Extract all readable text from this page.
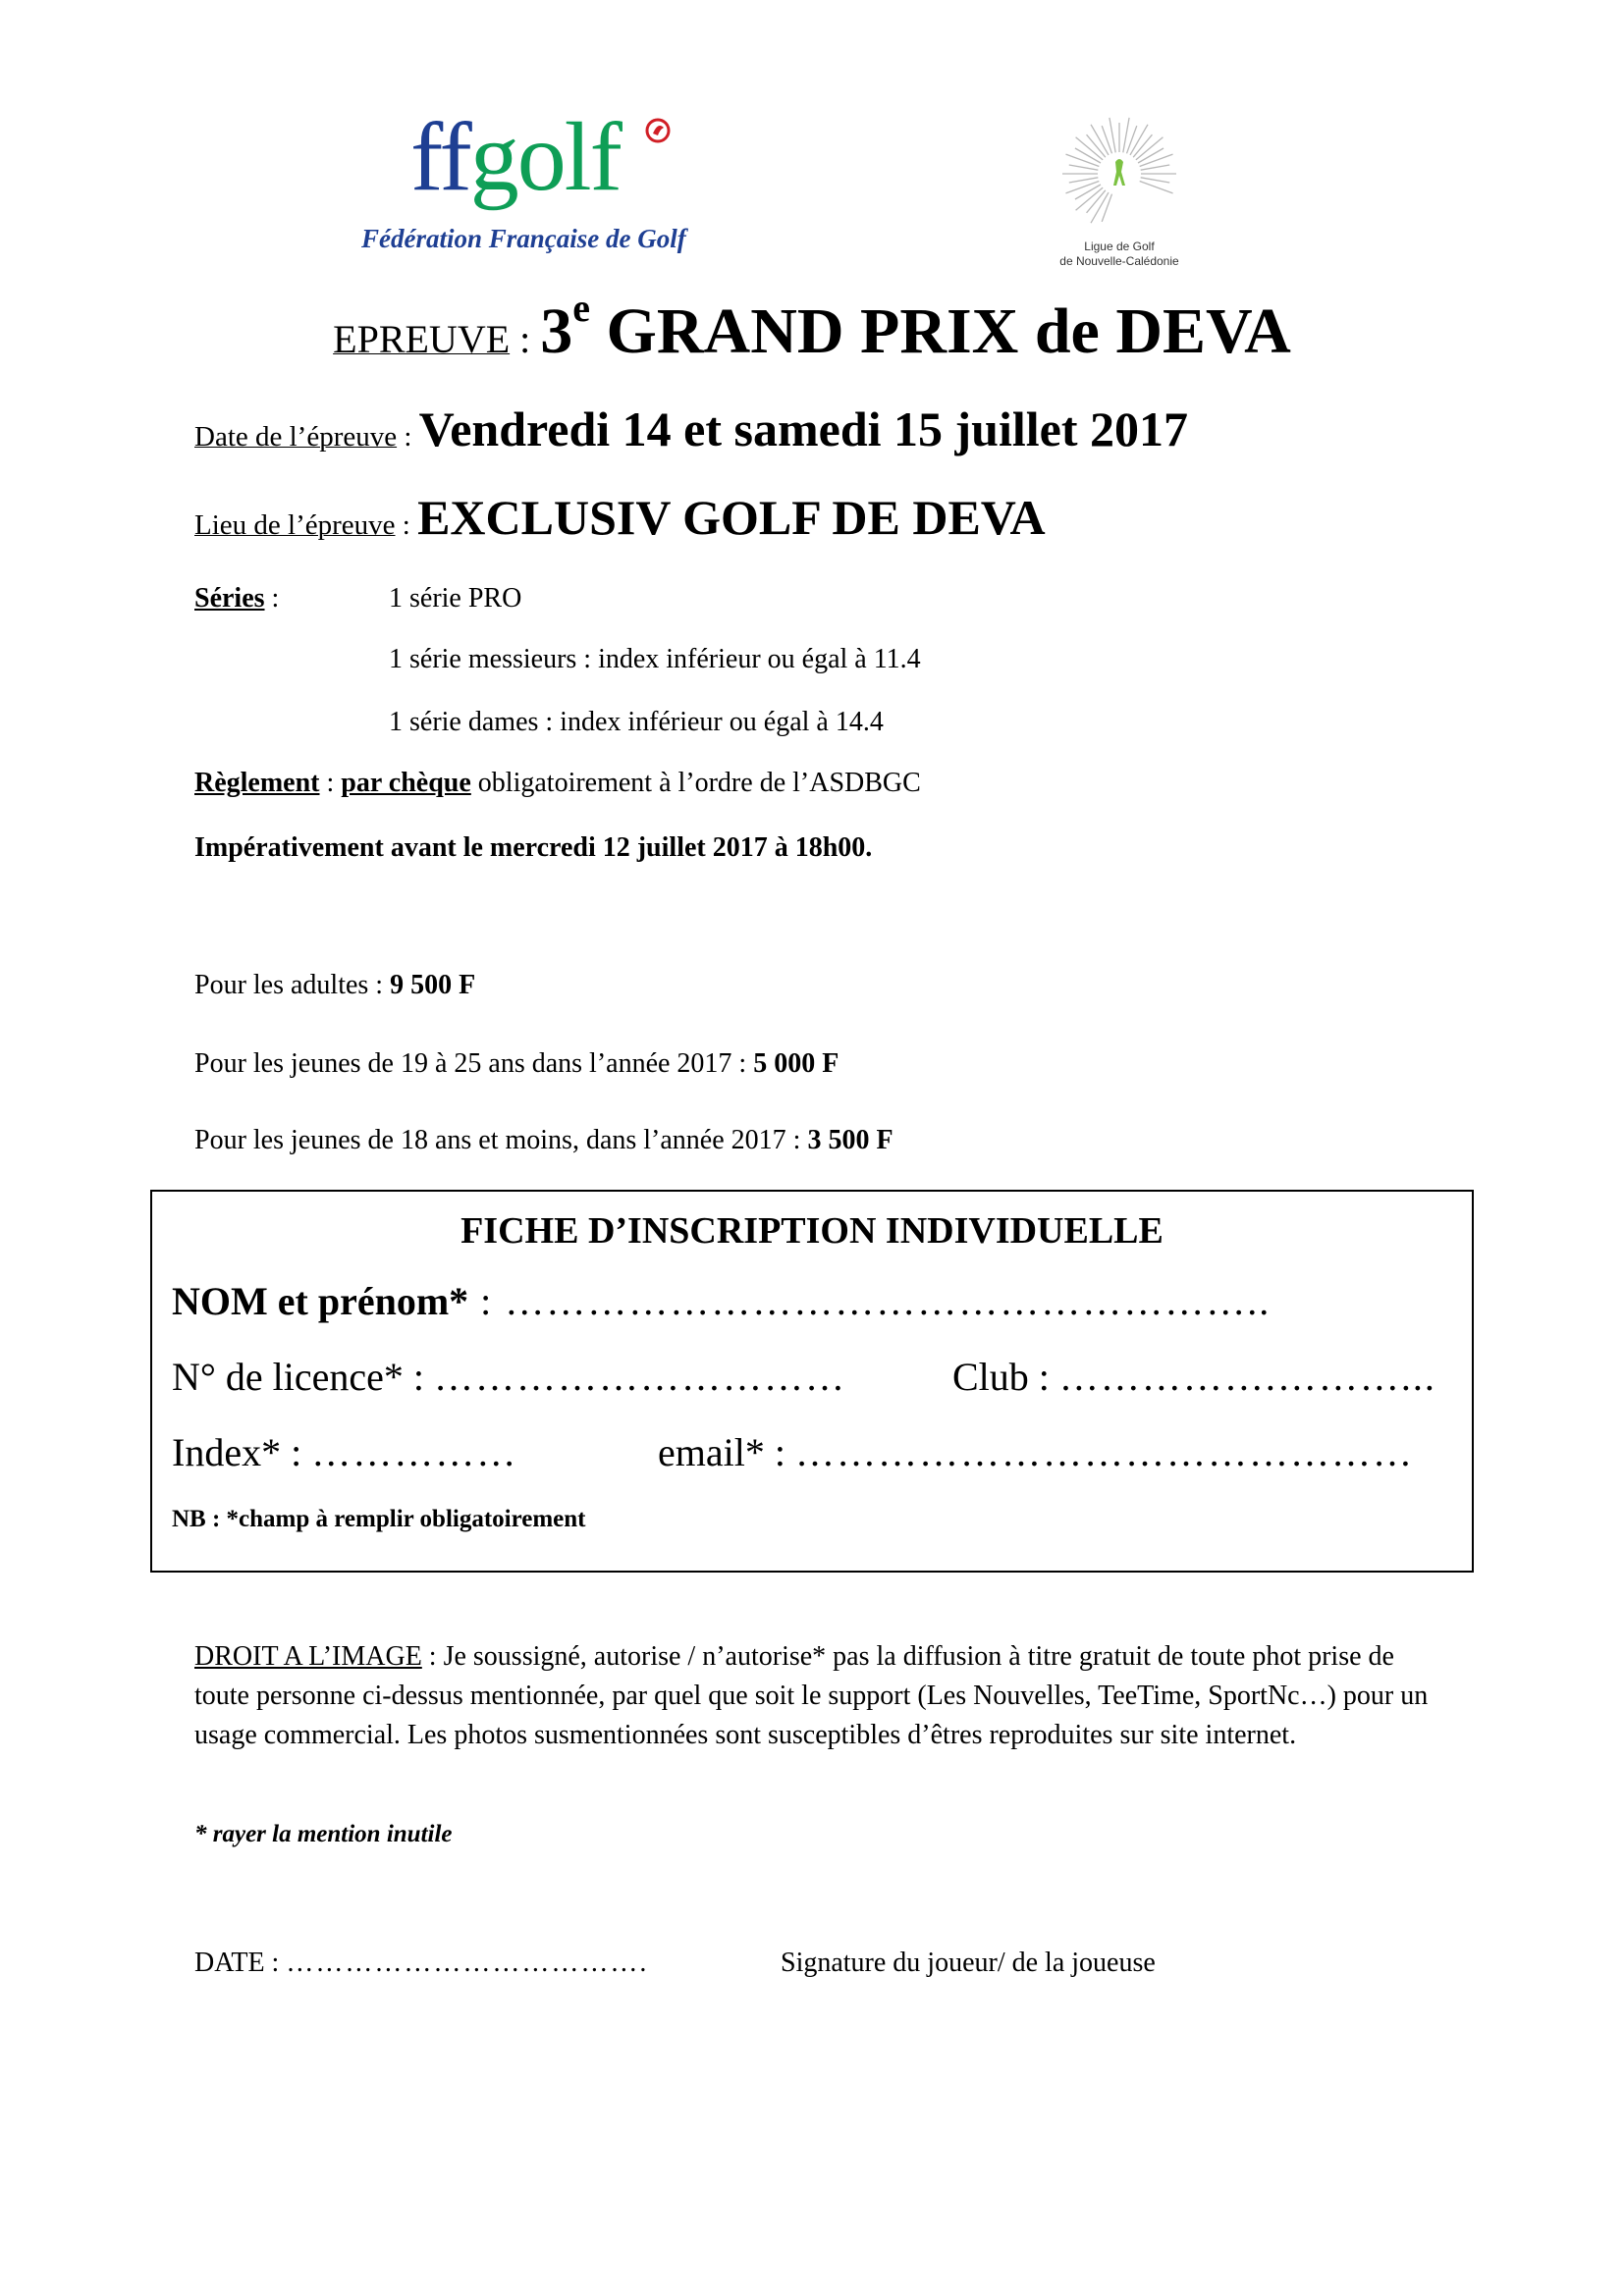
ffgolf
Fédération Française de Golf	Ligue de Golf
de Nouvelle-Calédonie
EPREUVE : 3e GRAND PRIX de DEVA
Date de l’épreuve : Vendredi 14 et samedi 15 juillet 2017
Lieu de l’épreuve : EXCLUSIV GOLF DE DEVA
Séries :	1 série PRO
1 série messieurs : index inférieur ou égal à 11.4
1 série dames : index inférieur ou égal à 14.4
Règlement : par chèque obligatoirement à l’ordre de l’ASDBGC
Impérativement avant le mercredi 12 juillet 2017 à 18h00.
Pour les adultes : 9 500 F
Pour les jeunes de 19 à 25 ans dans l’année 2017 : 5 000 F
Pour les jeunes de 18 ans et moins, dans l’année 2017 : 3 500 F
FICHE D’INSCRIPTION INDIVIDUELLE
NOM et prénom* : ………………………………………………..
N° de licence* : …………………………	Club : …………….………...
Index* : ……………	email* : ………………………………………
NB : *champ à remplir obligatoirement
DROIT A L’IMAGE : Je soussigné, autorise / n’autorise* pas la diffusion à titre gratuit de toute phot prise de toute personne ci-dessus mentionnée, par quel que soit le support (Les Nouvelles, TeeTime, SportNc…) pour un usage commercial. Les photos susmentionnées sont susceptibles d’êtres reproduites sur site internet.
* rayer la mention inutile
DATE : ……………………………….	Signature du joueur/ de la joueuse
